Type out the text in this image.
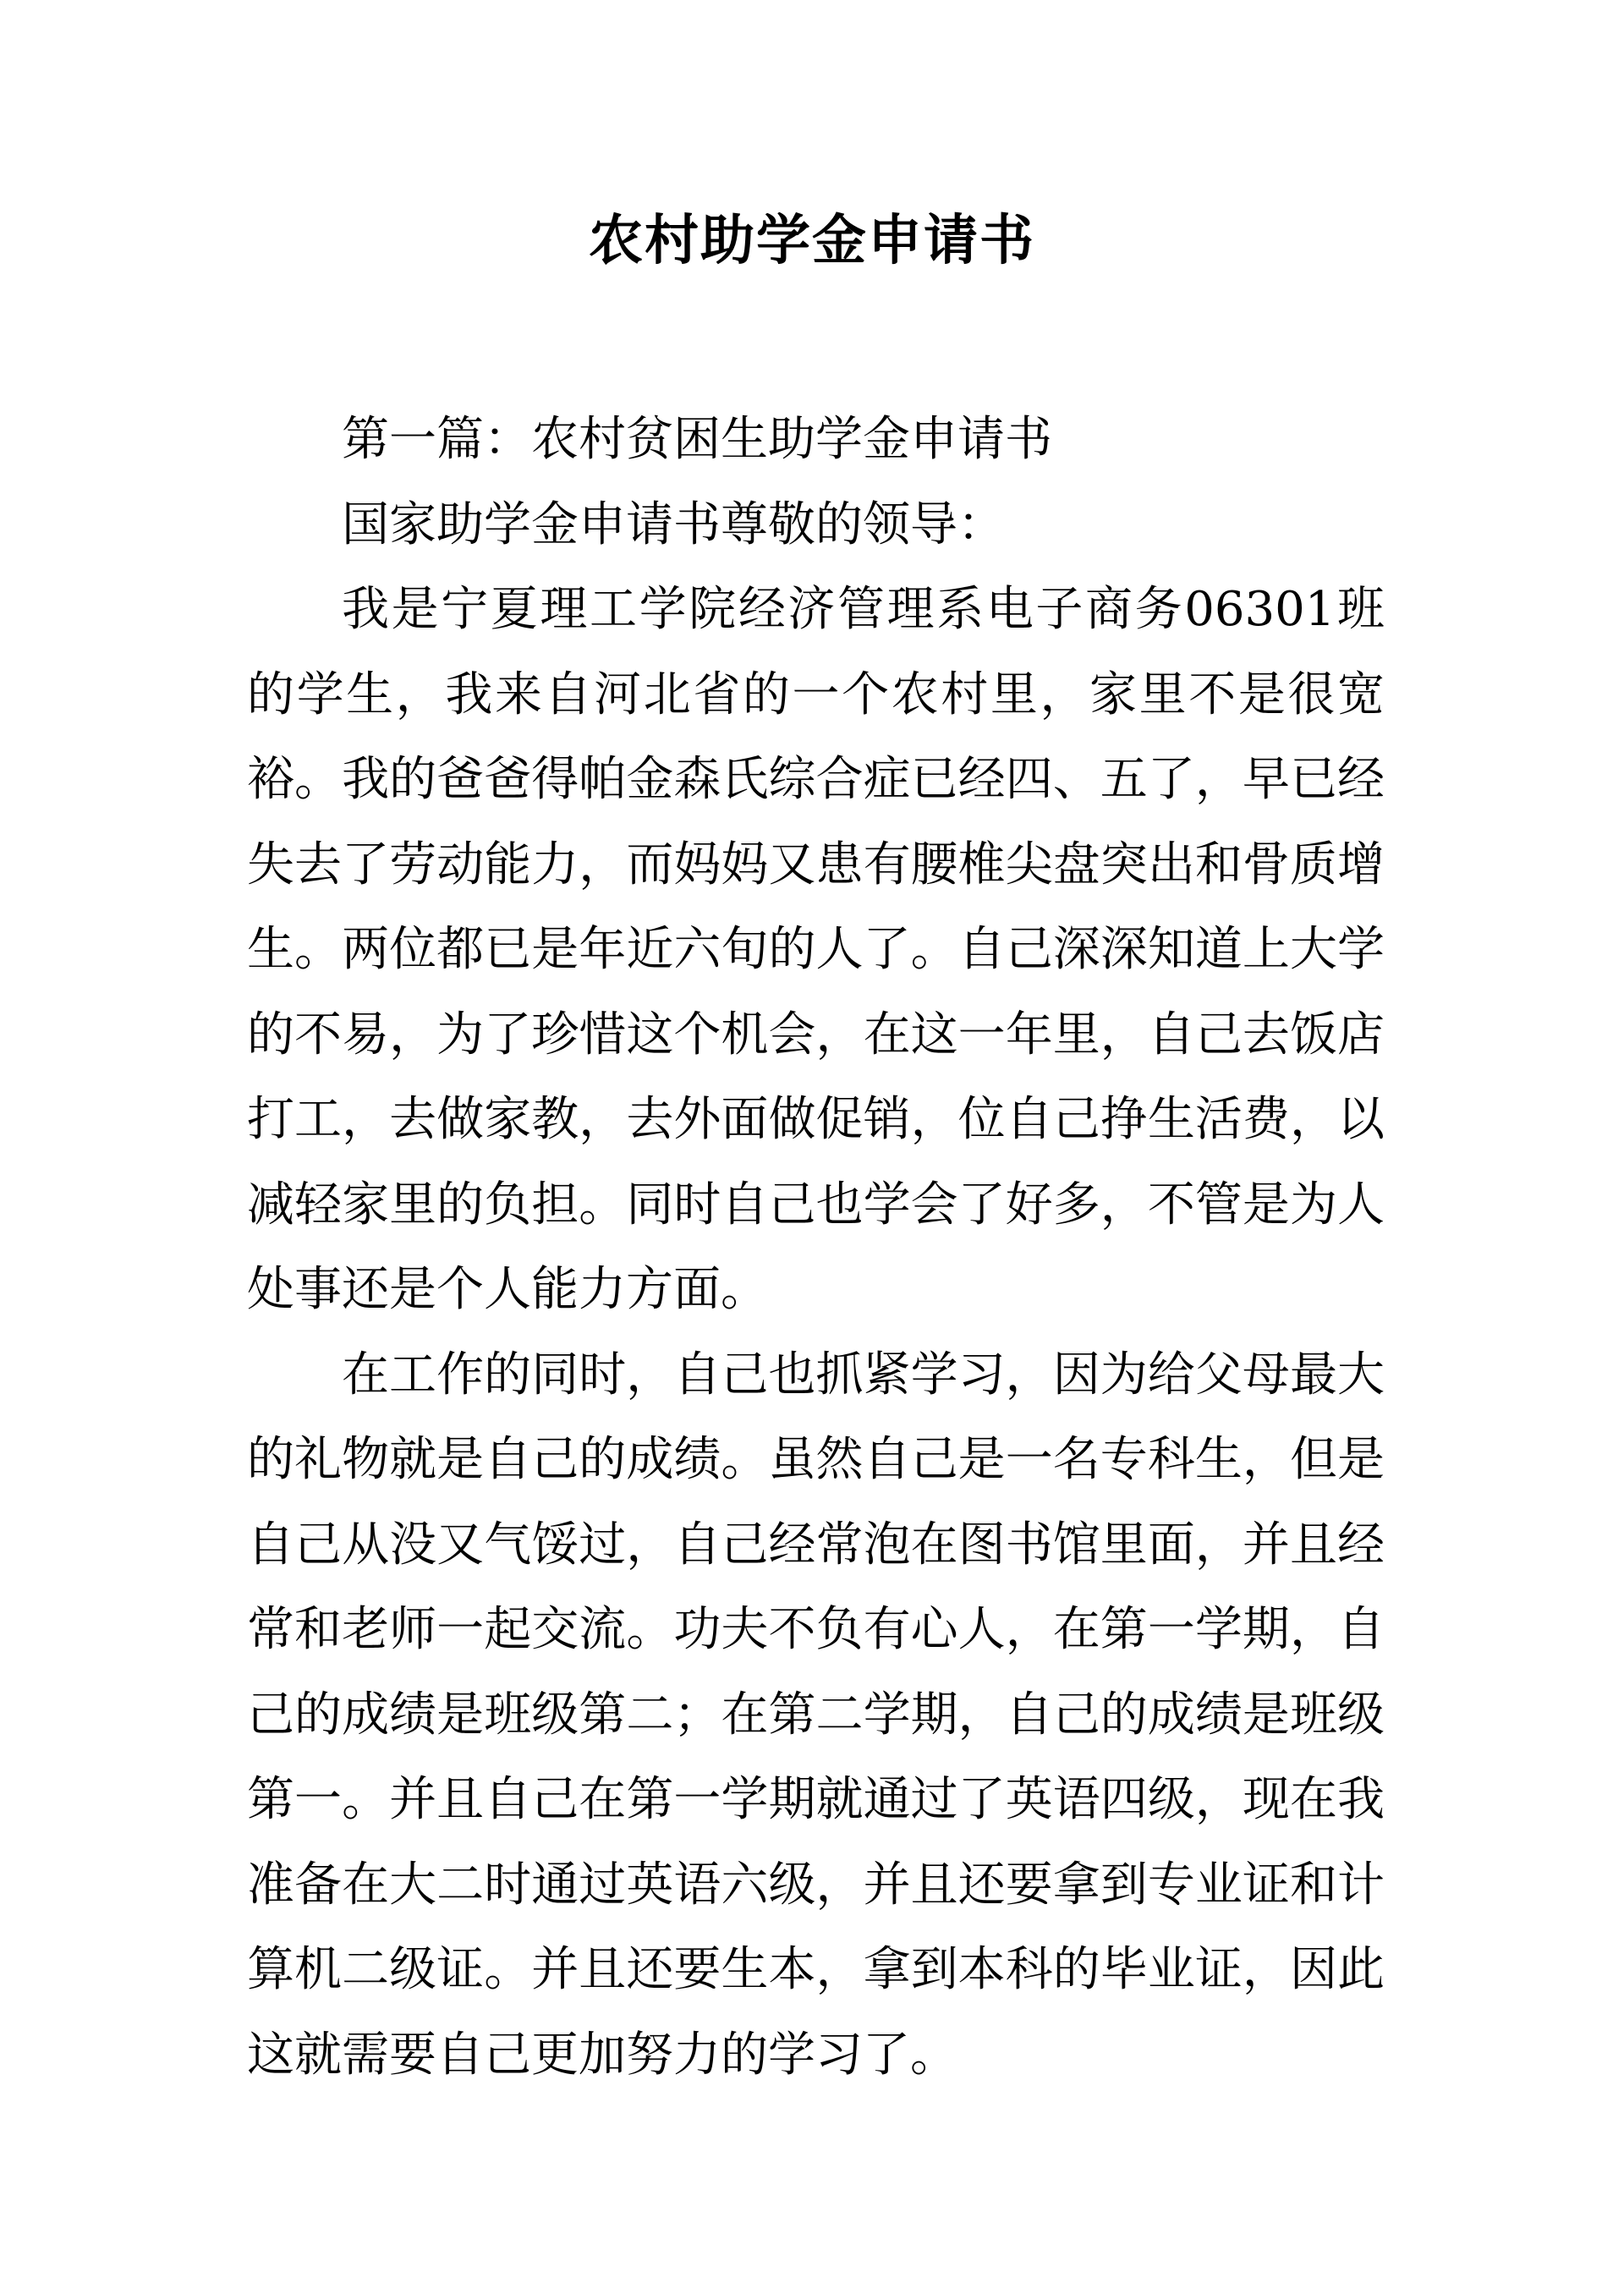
农村助学金申请书

第一篇：农村贫困生助学金申请书

国家助学金申请书尊敬的领导：

我是宁夏理工学院经济管理系电子商务06301班的学生，我来自河北省的一个农村里，家里不是很宽裕。我的爸爸得帕金森氏综合症已经四、五了，早已经失去了劳动能力，而妈妈又患有腰椎尖盘突出和骨质增生。两位都已是年近六旬的人了。自己深深知道上大学的不易，为了珍惜这个机会，在这一年里，自己去饭店打工，去做家教，去外面做促销，位自己挣生活费，以减轻家里的负担。同时自己也学会了好多，不管是为人处事还是个人能力方面。

在工作的同时，自己也抓紧学习，因为给父母最大的礼物就是自己的成绩。虽然自己是一名专科生，但是自己从没又气馁过，自己经常泡在图书馆里面，并且经常和老师一起交流。功夫不负有心人，在第一学期，自己的成绩是班级第二；在第二学期，自己的成绩是班级第一。并且自己在第一学期就通过了英语四级，现在我准备在大二时通过英语六级，并且还要拿到专业证和计算机二级证。并且还要生本，拿到本科的毕业证，因此这就需要自己更加努力的学习了。
